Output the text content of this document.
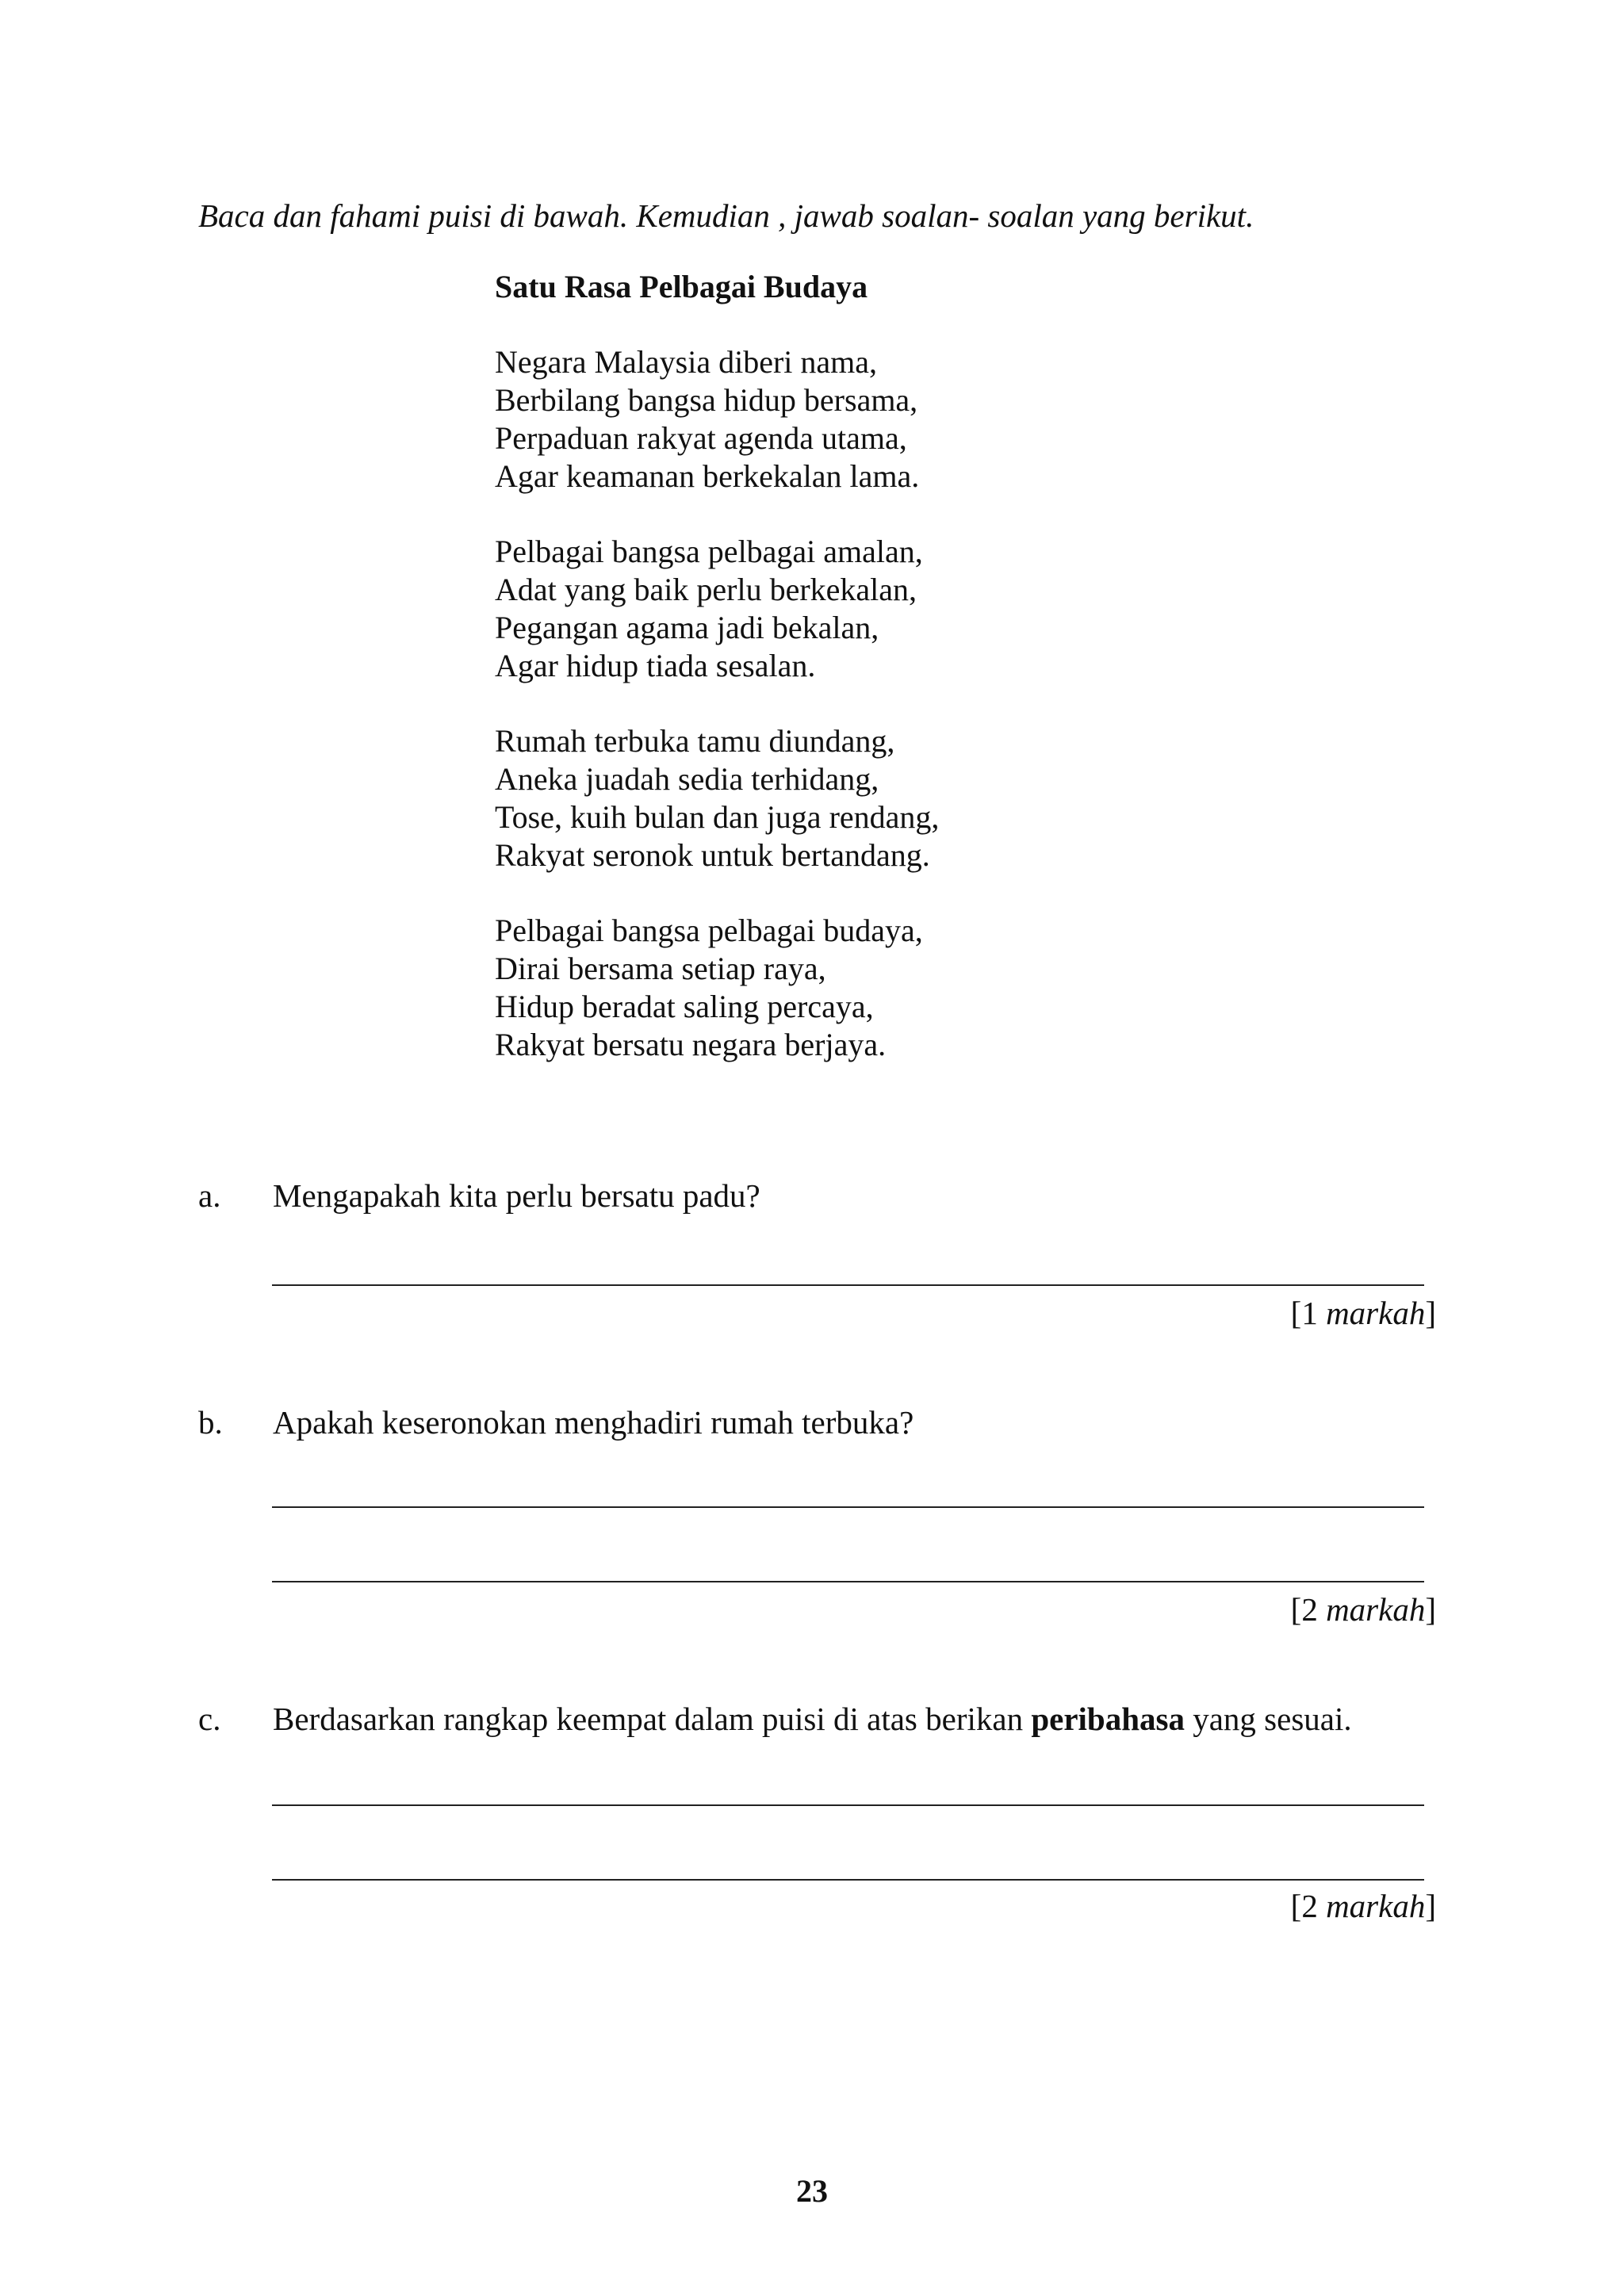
Baca dan fahami puisi di bawah. Kemudian , jawab soalan- soalan yang berikut.
Satu Rasa Pelbagai Budaya
Negara Malaysia diberi nama,
Berbilang bangsa hidup bersama,
Perpaduan rakyat agenda utama,
Agar keamanan berkekalan lama.
Pelbagai bangsa pelbagai amalan,
Adat yang baik perlu berkekalan,
Pegangan agama jadi bekalan,
Agar hidup tiada sesalan.
Rumah terbuka tamu diundang,
Aneka juadah sedia terhidang,
Tose, kuih bulan dan juga rendang,
Rakyat seronok untuk bertandang.
Pelbagai bangsa pelbagai budaya,
Dirai bersama setiap raya,
Hidup beradat saling percaya,
Rakyat bersatu negara berjaya.
a. Mengapakah kita perlu bersatu padu?
[1 markah]
b. Apakah keseronokan menghadiri rumah terbuka?
[2 markah]
c. Berdasarkan rangkap keempat dalam puisi di atas berikan peribahasa yang sesuai.
[2 markah]
23
